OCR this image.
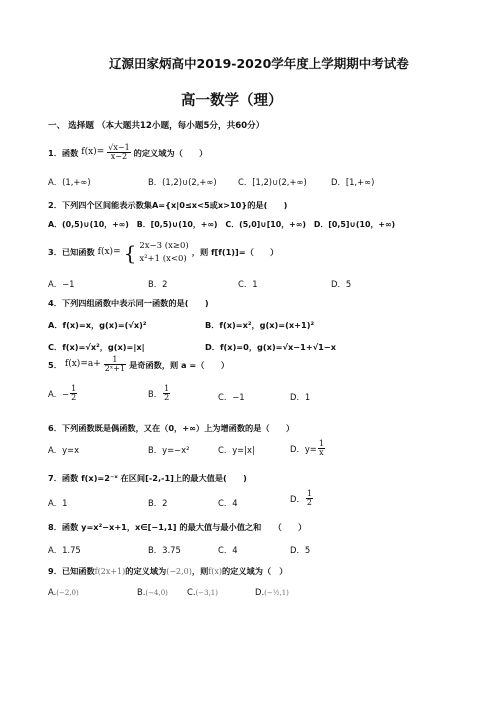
辽源田家炳高中2019-2020学年度上学期期中考试卷
高一数学（理）
一、 选择题 （本大题共12小题，每小题5分，共60分）
1．函数 $f(x)= \frac{√x-1}{x-2}$ 的定义域为（　　）
A．(1,+∞)	B．(1,2)∪(2,+∞)	C．[1,2)∪(2,+∞)	D．[1,+∞)
2．下列四个区间能表示数集A={x|0≤x<5或x>10}的是(　　)
A．(0,5)∪(10，+∞)　B．[0,5)∪(10，+∞)　C．(5,0]∪[10，+∞)　D．[0,5]∪(10，+∞)
3．已知函数 f(x)= { 2x−3 (x≥0)
x²+1 (x<0)
，则 f[f(1)]=（　　）
A．−1	B．2	C．1	D．5
4．下列四组函数中表示同一函数的是(　　)
A．f(x)=x，g(x)=(√x)²	B．f(x)=x²，g(x)=(x+1)²
C．f(x)=√x²，g(x)=|x|	D．f(x)=0，g(x)=√x−1+√1−x
5． $f(x)=a+ \frac{1}{\text{2ˣ+1}}$ 是奇函数，则 a =（　　）
A．− $\frac{1}{2}$	B． $\frac{1}{2}$	C．−1	D．1
6．下列函数既是偶函数，又在（0，+∞）上为增函数的是（　　）
A．y=x	B．y=−x²	C．y=|x|	D．$y= \frac{1}{x}$
7．函数 f(x)=2⁻ˣ 在区间[-2,-1]上的最大值是(　　)
A．1	B．2	C．4	D． $\frac{1}{2}$
8．函数 y=x²−x+1，x∈[−1,1] 的最大值与最小值之和　　（　　）
A．1.75	B．3.75	C．4	D．5
9．已知函数f(2x+1)的定义域为(−2,0)，则f(x)的定义域为（　）
A.(−2,0)	B.(−4,0) C.(−3,1)	D.(−½,1)
